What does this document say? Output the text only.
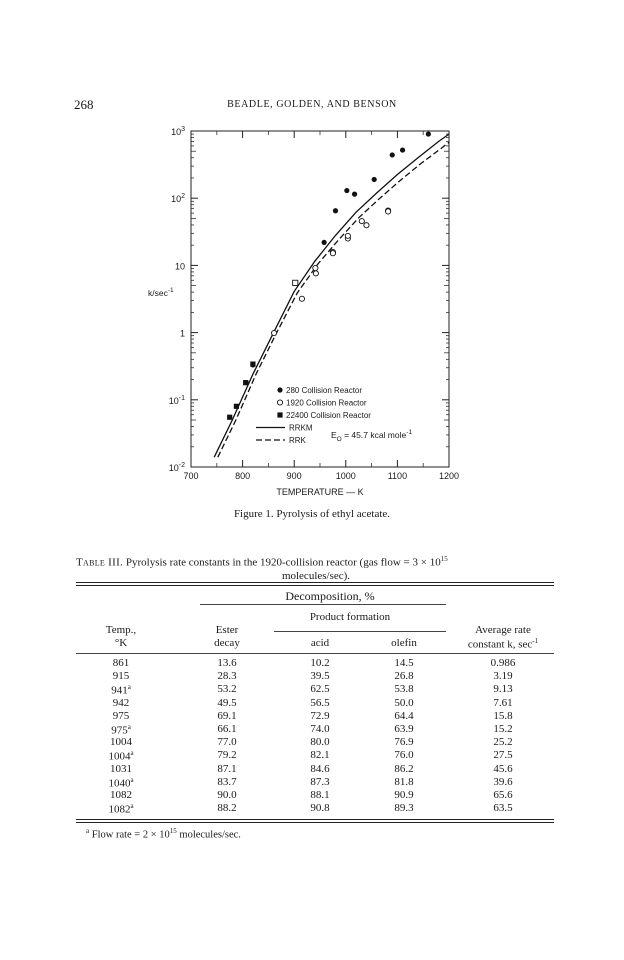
268	BEADLE, GOLDEN, AND BENSON
$10^3$
$10^2$
10
1
$10^{-1}$
$10^{-2}$
700	800	900	1000	1100	1200
TEMPERATURE — K
$k/\sec^{-1}$
280 Collision Reactor
1920 Collision Reactor
22400 Collision Reactor
RRKM
RRK
$E_O = 45.7$ kcal mole$^{-1}$
Figure 1. Pyrolysis of ethyl acetate.
Table III. Pyrolysis rate constants in the 1920-collision reactor (gas flow = $3 \times 10^{15}$
molecules/sec).
Decomposition, %
Product formation
Temp.,
°K
Ester
decay	acid	olefin
Average rate
constant k, $\sec^{-1}$
861	13.6	10.2	14.5	0.986
915	28.3	39.5	26.8	3.19
941$^a$	53.2	62.5	53.8	9.13
942	49.5	56.5	50.0	7.61
975	69.1	72.9	64.4	15.8
975$^a$	66.1	74.0	63.9	15.2
1004	77.0	80.0	76.9	25.2
1004$^a$	79.2	82.1	76.0	27.5
1031	87.1	84.6	86.2	45.6
1040$^a$	83.7	87.3	81.8	39.6
1082	90.0	88.1	90.9	65.6
1082$^a$	88.2	90.8	89.3	63.5
$^a$ Flow rate = $2 \times 10^{15}$ molecules/sec.
